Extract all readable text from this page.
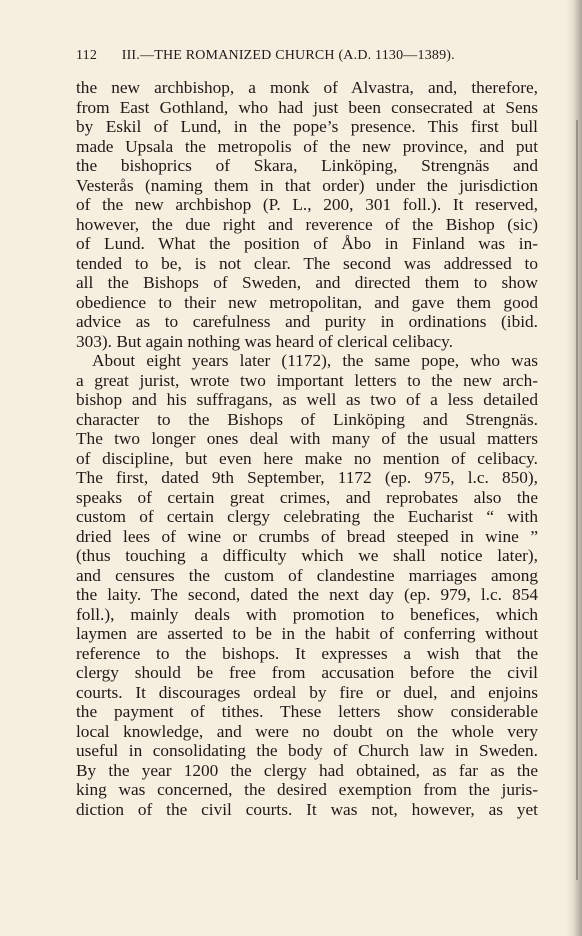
112 III.—THE ROMANIZED CHURCH (A.D. 1130—1389).
the new archbishop, a monk of Alvastra, and, therefore,
from East Gothland, who had just been consecrated at Sens
by Eskil of Lund, in the pope’s presence. This first bull
made Upsala the metropolis of the new province, and put
the bishoprics of Skara, Linköping, Strengnäs and
Vesterås (naming them in that order) under the jurisdiction
of the new archbishop (P. L., 200, 301 foll.). It reserved,
however, the due right and reverence of the Bishop (sic)
of Lund. What the position of Åbo in Finland was in-
tended to be, is not clear. The second was addressed to
all the Bishops of Sweden, and directed them to show
obedience to their new metropolitan, and gave them good
advice as to carefulness and purity in ordinations (ibid.
303). But again nothing was heard of clerical celibacy.
About eight years later (1172), the same pope, who was
a great jurist, wrote two important letters to the new arch-
bishop and his suffragans, as well as two of a less detailed
character to the Bishops of Linköping and Strengnäs.
The two longer ones deal with many of the usual matters
of discipline, but even here make no mention of celibacy.
The first, dated 9th September, 1172 (ep. 975, l.c. 850),
speaks of certain great crimes, and reprobates also the
custom of certain clergy celebrating the Eucharist “ with
dried lees of wine or crumbs of bread steeped in wine ”
(thus touching a difficulty which we shall notice later),
and censures the custom of clandestine marriages among
the laity. The second, dated the next day (ep. 979, l.c. 854
foll.), mainly deals with promotion to benefices, which
laymen are asserted to be in the habit of conferring without
reference to the bishops. It expresses a wish that the
clergy should be free from accusation before the civil
courts. It discourages ordeal by fire or duel, and enjoins
the payment of tithes. These letters show considerable
local knowledge, and were no doubt on the whole very
useful in consolidating the body of Church law in Sweden.
By the year 1200 the clergy had obtained, as far as the
king was concerned, the desired exemption from the juris-
diction of the civil courts. It was not, however, as yet
